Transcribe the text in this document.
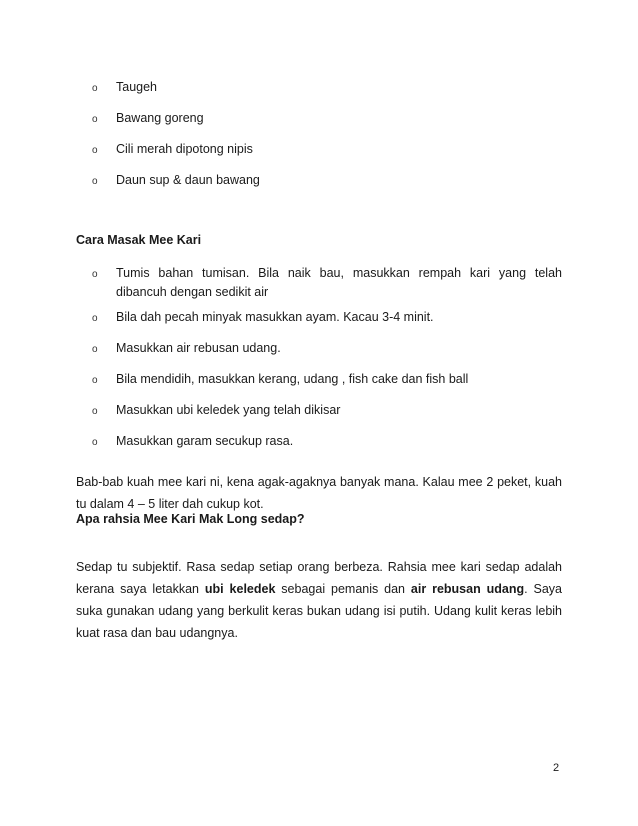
o Taugeh
o Bawang goreng
o Cili merah dipotong nipis
o Daun sup & daun bawang
Cara Masak Mee Kari
o Tumis bahan tumisan. Bila naik bau, masukkan rempah kari yang telah dibancuh dengan sedikit air
o Bila dah pecah minyak masukkan ayam. Kacau 3-4 minit.
o Masukkan air rebusan udang.
o Bila mendidih, masukkan kerang, udang , fish cake dan fish ball
o Masukkan ubi keledek yang telah dikisar
o Masukkan garam secukup rasa.

Bab-bab kuah mee kari ni, kena agak-agaknya banyak mana. Kalau mee 2 peket, kuah tu dalam 4 – 5 liter dah cukup kot.

Apa rahsia Mee Kari Mak Long sedap?

Sedap tu subjektif. Rasa sedap setiap orang berbeza. Rahsia mee kari sedap adalah kerana saya letakkan ubi keledek sebagai pemanis dan air rebusan udang. Saya suka gunakan udang yang berkulit keras bukan udang isi putih. Udang kulit keras lebih kuat rasa dan bau udangnya.

2
